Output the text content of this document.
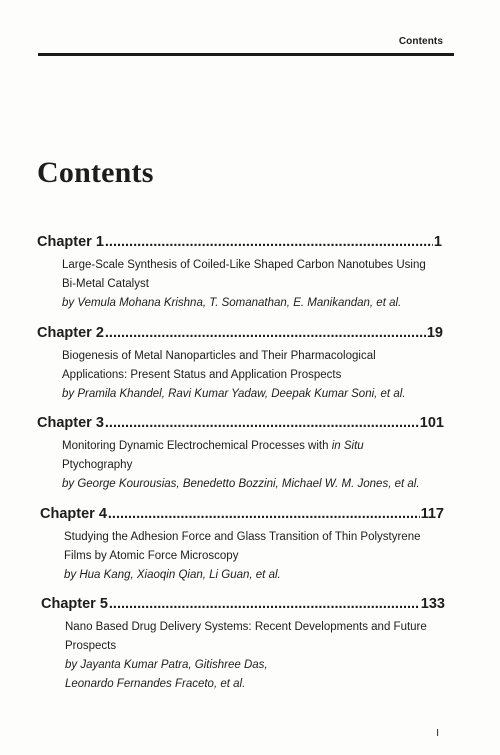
Contents
Contents
Chapter 1 .....	1
Large-Scale Synthesis of Coiled-Like Shaped Carbon Nanotubes Using
Bi-Metal Catalyst
by Vemula Mohana Krishna, T. Somanathan, E. Manikandan, et al.
Chapter 2 .....	19
Biogenesis of Metal Nanoparticles and Their Pharmacological
Applications: Present Status and Application Prospects
by Pramila Khandel, Ravi Kumar Yadaw, Deepak Kumar Soni, et al.
Chapter 3 .....	101
Monitoring Dynamic Electrochemical Processes with in Situ
Ptychography
by George Kourousias, Benedetto Bozzini, Michael W. M. Jones, et al.
Chapter 4 .....	117
Studying the Adhesion Force and Glass Transition of Thin Polystyrene
Films by Atomic Force Microscopy
by Hua Kang, Xiaoqin Qian, Li Guan, et al.
Chapter 5 .....	133
Nano Based Drug Delivery Systems: Recent Developments and Future
Prospects
by Jayanta Kumar Patra, Gitishree Das,
Leonardo Fernandes Fraceto, et al.
I
